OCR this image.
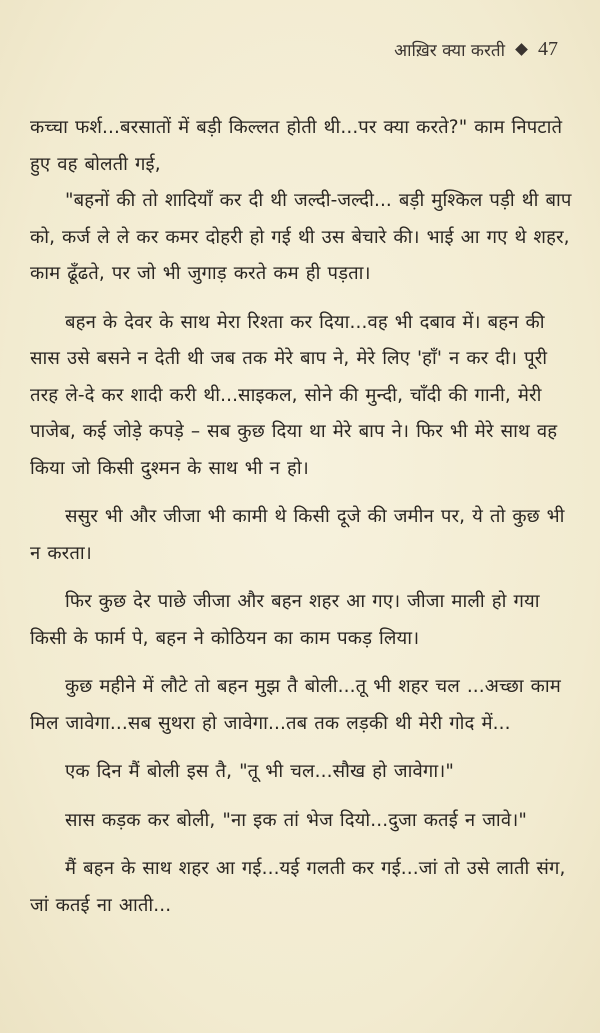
आख़िर क्या करती 47

कच्चा फर्श...बरसातों में बड़ी किल्लत होती थी...पर क्या करते?" काम निपटाते हुए वह बोलती गई,

"बहनों की तो शादियाँ कर दी थी जल्दी-जल्दी... बड़ी मुश्किल पड़ी थी बाप को, कर्ज ले ले कर कमर दोहरी हो गई थी उस बेचारे की। भाई आ गए थे शहर, काम ढूँढते, पर जो भी जुगाड़ करते कम ही पड़ता।

बहन के देवर के साथ मेरा रिश्ता कर दिया...वह भी दबाव में। बहन की सास उसे बसने न देती थी जब तक मेरे बाप ने, मेरे लिए 'हाँ' न कर दी। पूरी तरह ले-दे कर शादी करी थी...साइकल, सोने की मुन्दी, चाँदी की गानी, मेरी पाजेब, कई जोड़े कपड़े – सब कुछ दिया था मेरे बाप ने। फिर भी मेरे साथ वह किया जो किसी दुश्मन के साथ भी न हो।

ससुर भी और जीजा भी कामी थे किसी दूजे की जमीन पर, ये तो कुछ भी न करता।

फिर कुछ देर पाछे जीजा और बहन शहर आ गए। जीजा माली हो गया किसी के फार्म पे, बहन ने कोठियन का काम पकड़ लिया।

कुछ महीने में लौटे तो बहन मुझ तै बोली...तू भी शहर चल ...अच्छा काम मिल जावेगा...सब सुथरा हो जावेगा...तब तक लड़की थी मेरी गोद में...

एक दिन मैं बोली इस तै, "तू भी चल...सौख हो जावेगा।"

सास कड़क कर बोली, "ना इक तां भेज दियो...दुजा कतई न जावे।"

मैं बहन के साथ शहर आ गई...यई गलती कर गई...जां तो उसे लाती संग, जां कतई ना आती...
